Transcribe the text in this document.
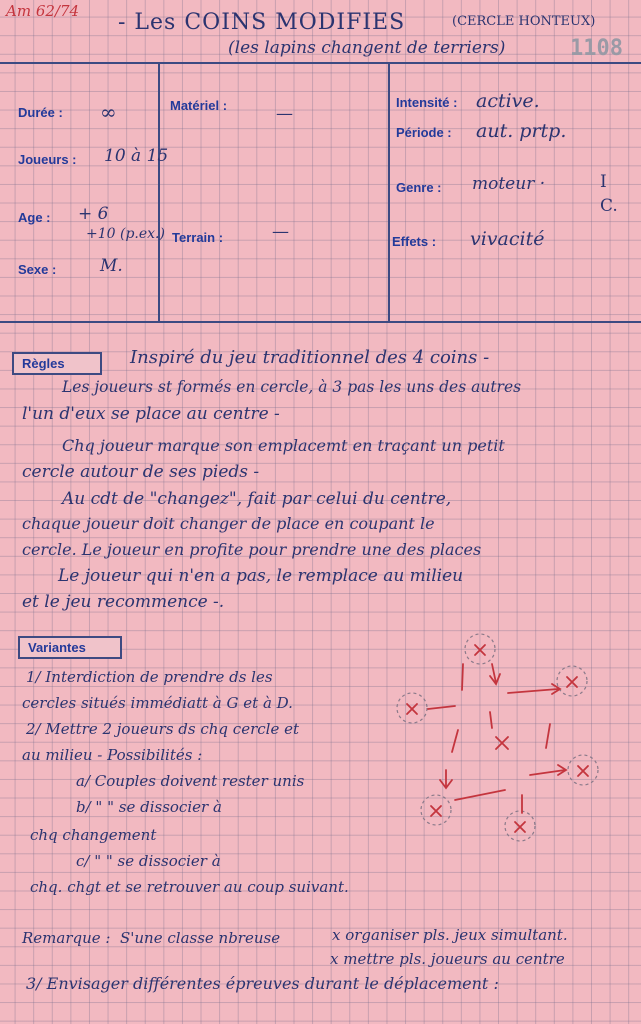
Am 62/74 - Les COINS MODIFIES	(CERCLE HONTEUX)
(les lapins changent de terriers)	1108
Durée : ∞
Joueurs : 10 à 15
Age : + 6
+10 (p.ex.)
Sexe :	M.
Matériel :	—
Terrain :	—
Intensité : active.
Période : aut. prtp.
Genre : moteur ·	I
C.
Effets : vivacité
Règles	Inspiré du jeu traditionnel des 4 coins -
Les joueurs st formés en cercle, à 3 pas les uns des autres
l'un d'eux se place au centre -
Chq joueur marque son emplacemt en traçant un petit
cercle autour de ses pieds -
Au cdt de "changez", fait par celui du centre,
chaque joueur doit changer de place en coupant le
cercle. Le joueur en profite pour prendre une des places
Le joueur qui n'en a pas, le remplace au milieu
et le jeu recommence -.
Variantes
1/ Interdiction de prendre ds les
cercles situés immédiatt à G et à D.
2/ Mettre 2 joueurs ds chq cercle et
au milieu - Possibilités :
a/ Couples doivent rester unis
b/ " " se dissocier à
chq changement
c/ " " se dissocier à
chq. chgt et se retrouver au coup suivant.
Remarque : S'une classe nbreuse	x organiser pls. jeux simultant.
x mettre pls. joueurs au centre
3/ Envisager différentes épreuves durant le déplacement :
